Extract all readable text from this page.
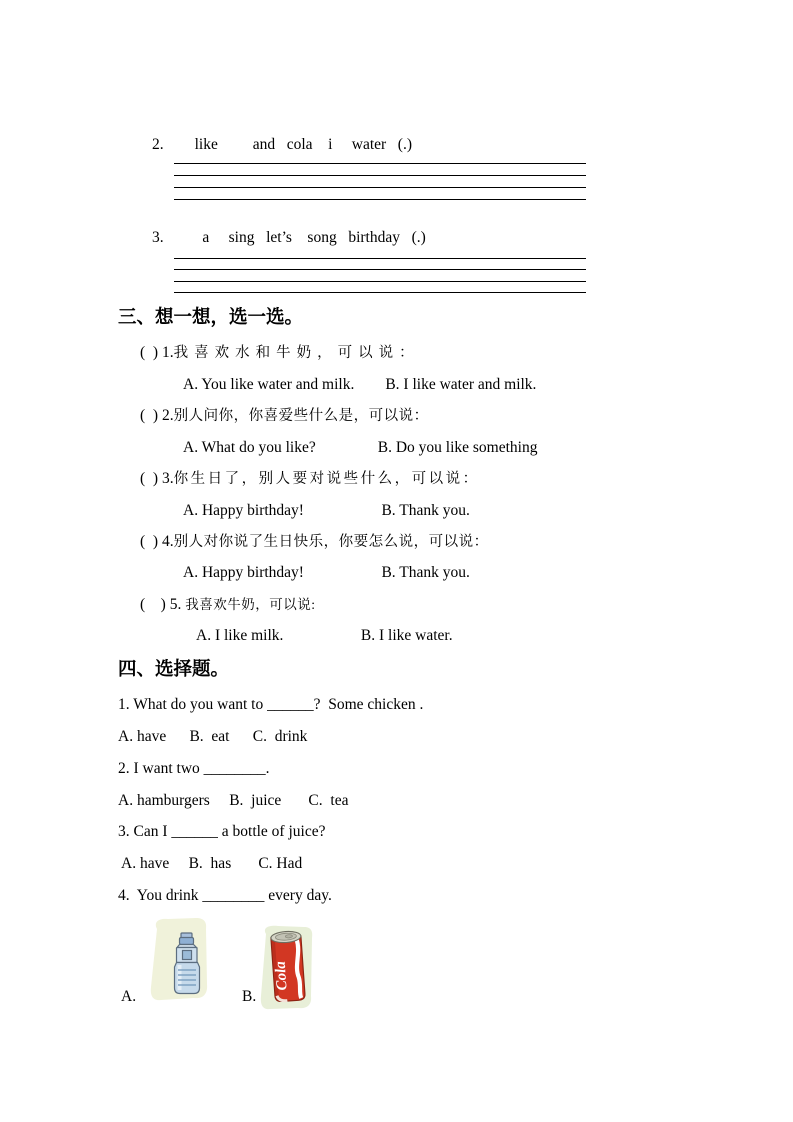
2.        like         and   cola    i     water   (.)
3.          a     sing   let’s    song   birthday   (.)
三、想一想，选一选。
(  ) 1.我喜欢水和牛奶，可以说：
A. You like water and milk.        B. I like water and milk.
(  ) 2.别人问你，你喜爱些什么是，可以说：
A. What do you like?                B. Do you like something
(  ) 3.你生日了，别人要对说些什么，可以说：
A. Happy birthday!                    B. Thank you.
(  ) 4.别人对你说了生日快乐，你要怎么说，可以说：
A. Happy birthday!                    B. Thank you.
(    ) 5. 我喜欢牛奶，可以说:
A. I like milk.                    B. I like water.
四、选择题。
1. What do you want to ______?  Some chicken .
A. have      B.  eat      C.  drink
2. I want two ________.
A. hamburgers     B.  juice       C.  tea
3. Can I ______ a bottle of juice?
A. have     B.  has       C. Had
4.  You drink ________ every day.
Cola
A.	B.
